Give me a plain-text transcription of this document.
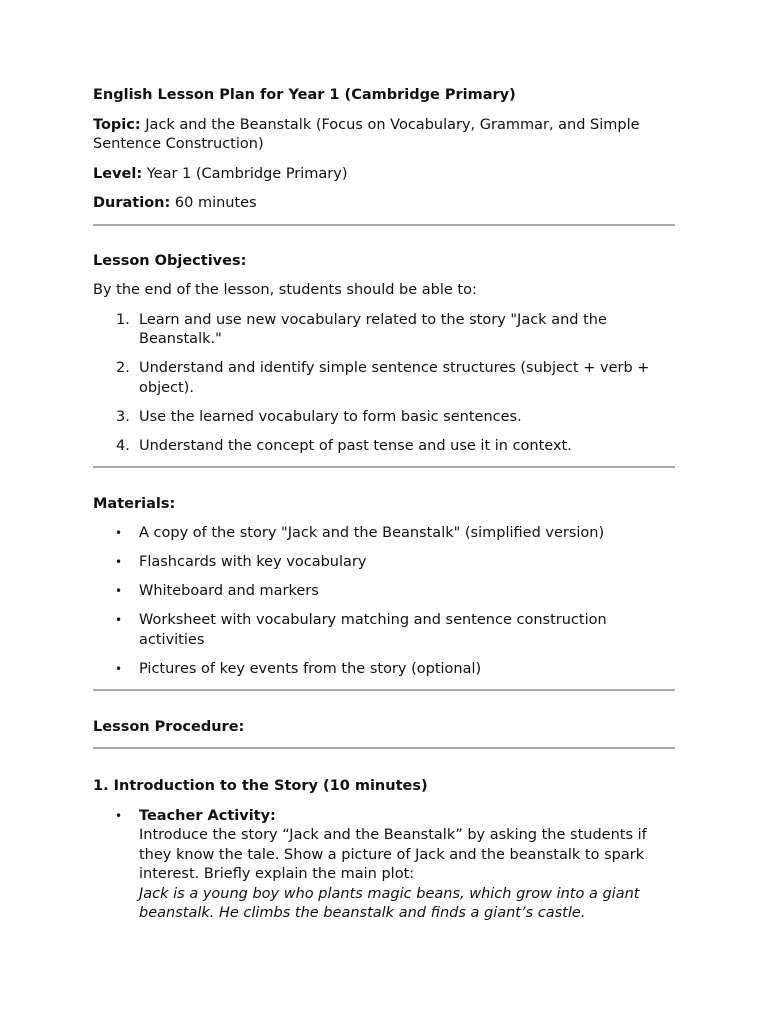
English Lesson Plan for Year 1 (Cambridge Primary)

Topic: Jack and the Beanstalk (Focus on Vocabulary, Grammar, and Simple Sentence Construction)

Level: Year 1 (Cambridge Primary)

Duration: 60 minutes

Lesson Objectives:

By the end of the lesson, students should be able to:

1. Learn and use new vocabulary related to the story "Jack and the Beanstalk."
2. Understand and identify simple sentence structures (subject + verb + object).
3. Use the learned vocabulary to form basic sentences.
4. Understand the concept of past tense and use it in context.

Materials:

• A copy of the story "Jack and the Beanstalk" (simplified version)
• Flashcards with key vocabulary
• Whiteboard and markers
• Worksheet with vocabulary matching and sentence construction activities
• Pictures of key events from the story (optional)

Lesson Procedure:

1. Introduction to the Story (10 minutes)

• Teacher Activity:
Introduce the story “Jack and the Beanstalk” by asking the students if they know the tale. Show a picture of Jack and the beanstalk to spark interest. Briefly explain the main plot:
Jack is a young boy who plants magic beans, which grow into a giant beanstalk. He climbs the beanstalk and finds a giant’s castle.
